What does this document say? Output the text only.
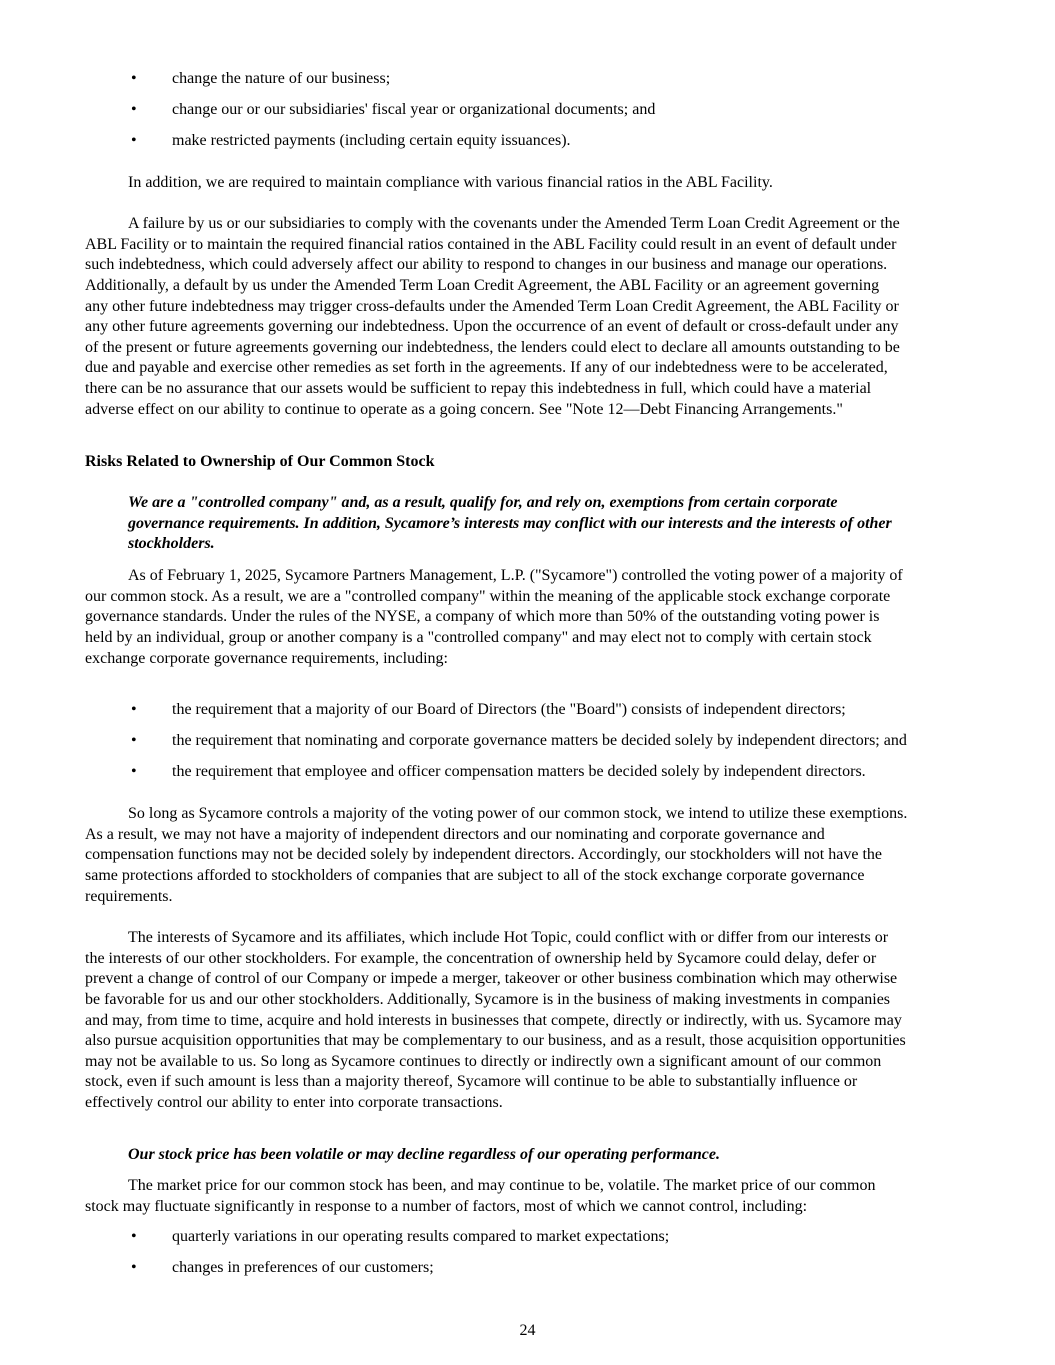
• change the nature of our business;
• change our or our subsidiaries' fiscal year or organizational documents; and
• make restricted payments (including certain equity issuances).
In addition, we are required to maintain compliance with various financial ratios in the ABL Facility.
A failure by us or our subsidiaries to comply with the covenants under the Amended Term Loan Credit Agreement or the
ABL Facility or to maintain the required financial ratios contained in the ABL Facility could result in an event of default under
such indebtedness, which could adversely affect our ability to respond to changes in our business and manage our operations.
Additionally, a default by us under the Amended Term Loan Credit Agreement, the ABL Facility or an agreement governing
any other future indebtedness may trigger cross-defaults under the Amended Term Loan Credit Agreement, the ABL Facility or
any other future agreements governing our indebtedness. Upon the occurrence of an event of default or cross-default under any
of the present or future agreements governing our indebtedness, the lenders could elect to declare all amounts outstanding to be
due and payable and exercise other remedies as set forth in the agreements. If any of our indebtedness were to be accelerated,
there can be no assurance that our assets would be sufficient to repay this indebtedness in full, which could have a material
adverse effect on our ability to continue to operate as a going concern. See "Note 12—Debt Financing Arrangements."
Risks Related to Ownership of Our Common Stock
We are a "controlled company" and, as a result, qualify for, and rely on, exemptions from certain corporate
governance requirements. In addition, Sycamore’s interests may conflict with our interests and the interests of other
stockholders.
As of February 1, 2025, Sycamore Partners Management, L.P. ("Sycamore") controlled the voting power of a majority of
our common stock. As a result, we are a "controlled company" within the meaning of the applicable stock exchange corporate
governance standards. Under the rules of the NYSE, a company of which more than 50% of the outstanding voting power is
held by an individual, group or another company is a "controlled company" and may elect not to comply with certain stock
exchange corporate governance requirements, including:
• the requirement that a majority of our Board of Directors (the "Board") consists of independent directors;
• the requirement that nominating and corporate governance matters be decided solely by independent directors; and
• the requirement that employee and officer compensation matters be decided solely by independent directors.
So long as Sycamore controls a majority of the voting power of our common stock, we intend to utilize these exemptions.
As a result, we may not have a majority of independent directors and our nominating and corporate governance and
compensation functions may not be decided solely by independent directors. Accordingly, our stockholders will not have the
same protections afforded to stockholders of companies that are subject to all of the stock exchange corporate governance
requirements.
The interests of Sycamore and its affiliates, which include Hot Topic, could conflict with or differ from our interests or
the interests of our other stockholders. For example, the concentration of ownership held by Sycamore could delay, defer or
prevent a change of control of our Company or impede a merger, takeover or other business combination which may otherwise
be favorable for us and our other stockholders. Additionally, Sycamore is in the business of making investments in companies
and may, from time to time, acquire and hold interests in businesses that compete, directly or indirectly, with us. Sycamore may
also pursue acquisition opportunities that may be complementary to our business, and as a result, those acquisition opportunities
may not be available to us. So long as Sycamore continues to directly or indirectly own a significant amount of our common
stock, even if such amount is less than a majority thereof, Sycamore will continue to be able to substantially influence or
effectively control our ability to enter into corporate transactions.
Our stock price has been volatile or may decline regardless of our operating performance.
The market price for our common stock has been, and may continue to be, volatile. The market price of our common
stock may fluctuate significantly in response to a number of factors, most of which we cannot control, including:
• quarterly variations in our operating results compared to market expectations;
• changes in preferences of our customers;
24
